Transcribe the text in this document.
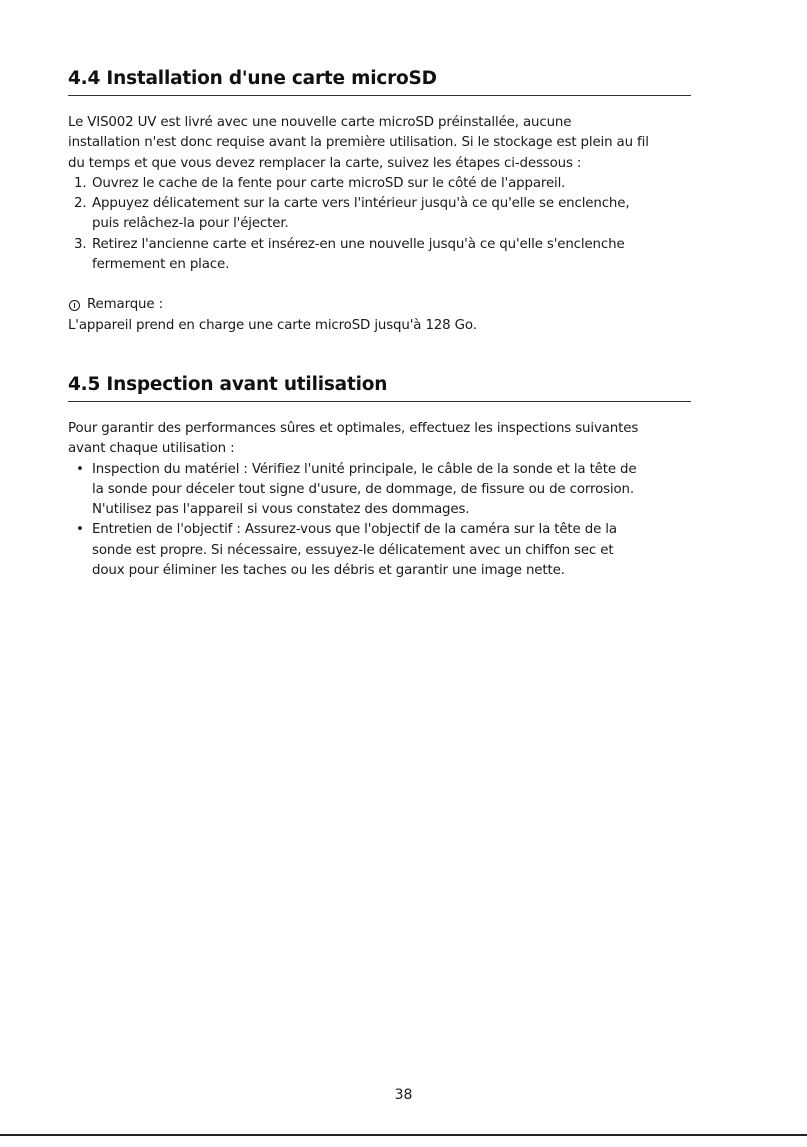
4.4 Installation d'une carte microSD

Le VIS002 UV est livré avec une nouvelle carte microSD préinstallée, aucune
installation n'est donc requise avant la première utilisation. Si le stockage est plein au fil
du temps et que vous devez remplacer la carte, suivez les étapes ci-dessous :

1. Ouvrez le cache de la fente pour carte microSD sur le côté de l'appareil.
2. Appuyez délicatement sur la carte vers l'intérieur jusqu'à ce qu'elle se enclenche,
puis relâchez-la pour l'éjecter.
3. Retirez l'ancienne carte et insérez-en une nouvelle jusqu'à ce qu'elle s'enclenche
fermement en place.
Remarque :

L'appareil prend en charge une carte microSD jusqu'à 128 Go.

4.5 Inspection avant utilisation

Pour garantir des performances sûres et optimales, effectuez les inspections suivantes
avant chaque utilisation :

• Inspection du matériel : Vérifiez l'unité principale, le câble de la sonde et la tête de
la sonde pour déceler tout signe d'usure, de dommage, de fissure ou de corrosion.
N'utilisez pas l'appareil si vous constatez des dommages.
• Entretien de l'objectif : Assurez-vous que l'objectif de la caméra sur la tête de la
sonde est propre. Si nécessaire, essuyez-le délicatement avec un chiffon sec et
doux pour éliminer les taches ou les débris et garantir une image nette.
38
